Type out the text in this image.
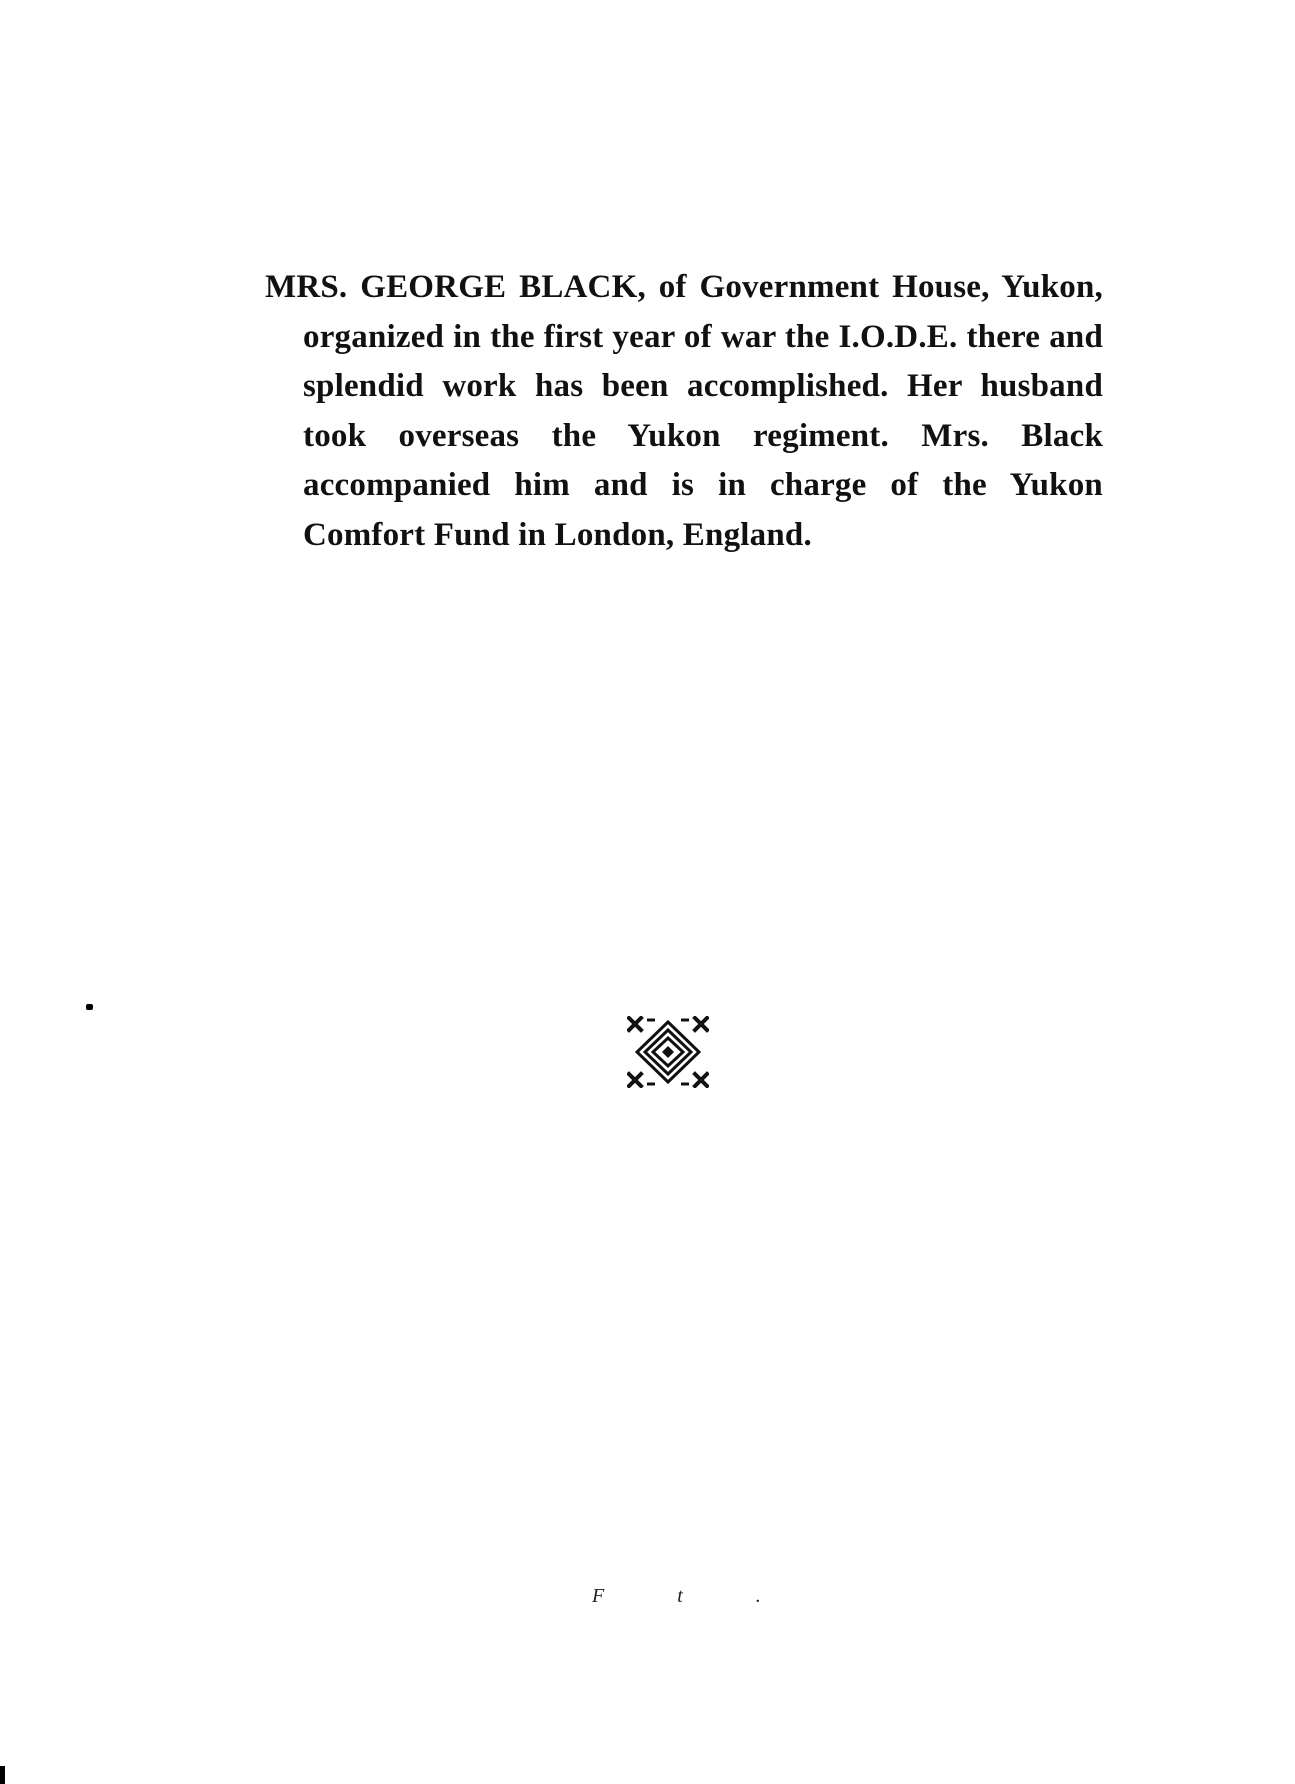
MRS. GEORGE BLACK, of Government House, Yukon, organized in the first year of war the I.O.D.E. there and splendid work has been accomplished. Her husband took overseas the Yukon regiment. Mrs. Black accompanied him and is in charge of the Yukon Comfort Fund in London, England.

F t .
